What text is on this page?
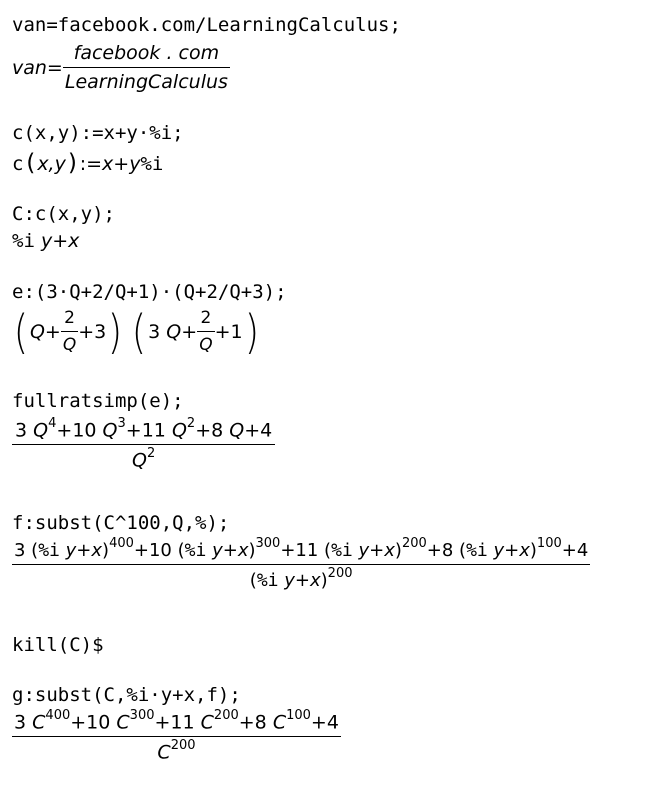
van=facebook.com/LearningCalculus;
$van= \frac{\text{facebook . com}}{\text{LearningCalculus}}$
c(x,y):=x+y·%i;
c(x,y):=x+y%i
C:c(x,y);
%i y+x
e:(3·Q+2/Q+1)·(Q+2/Q+3);
( $Q + \frac{2}{Q} +3$ ) ( 3
$Q + \frac{2}{Q} +1$ )
fullratsimp(e);
$\frac{3 Q^4+10 Q^3+11 Q^2+8 Q+4}{Q^2}$
f:subst(C^100,Q,%);
$\frac{3 (\%i y+x)^{400}+10 (\%i y+x)^{300}+11 (\%i y+x)^{200}+8 (\%i y+x)^{100}+4}{(\%i y+x)^{200}}$
kill(C)$
g:subst(C,%i·y+x,f);
$\frac{3 C^{400}+10 C^{300}+11 C^{200}+8 C^{100}+4}{C^{200}}$
